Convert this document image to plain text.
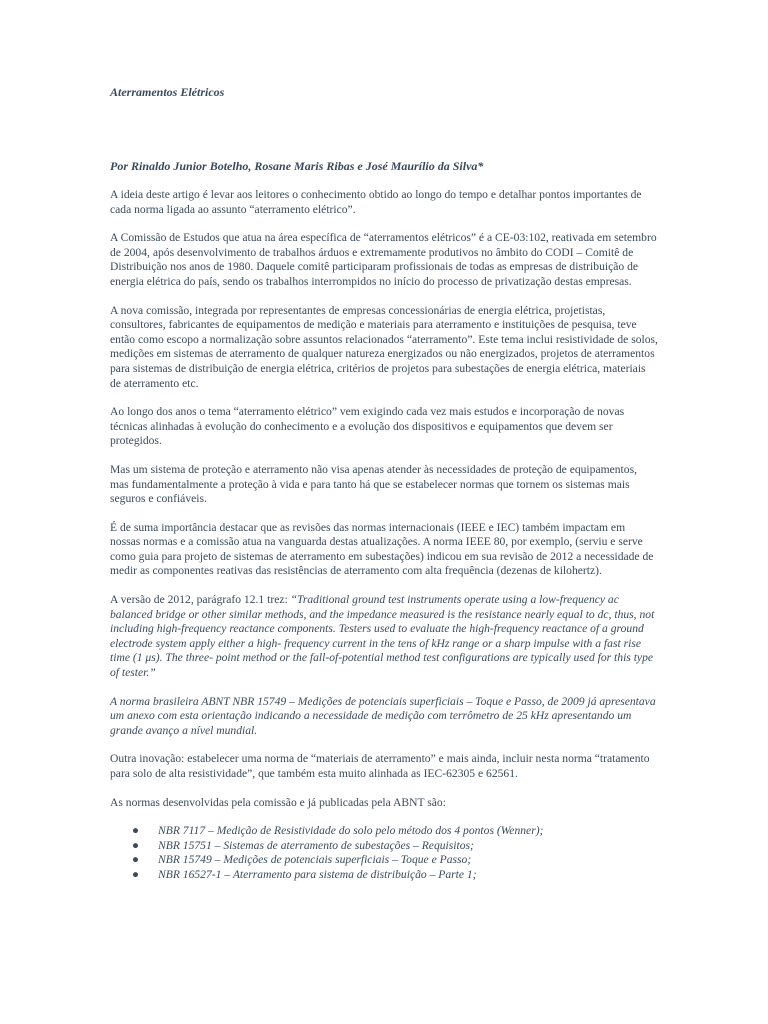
Aterramentos Elétricos
Por Rinaldo Junior Botelho, Rosane Maris Ribas e José Maurílio da Silva*

A ideia deste artigo é levar aos leitores o conhecimento obtido ao longo do tempo e detalhar pontos importantes de cada norma ligada ao assunto “aterramento elétrico”.

A Comissão de Estudos que atua na área específica de “aterramentos elétricos” é a CE-03:102, reativada em setembro de 2004, após desenvolvimento de trabalhos árduos e extremamente produtivos no âmbito do CODI – Comitê de Distribuição nos anos de 1980. Daquele comitê participaram profissionais de todas as empresas de distribuição de energia elétrica do país, sendo os trabalhos interrompidos no início do processo de privatização destas empresas.

A nova comissão, integrada por representantes de empresas concessionárias de energia elétrica, projetistas, consultores, fabricantes de equipamentos de medição e materiais para aterramento e instituições de pesquisa, teve então como escopo a normalização sobre assuntos relacionados “aterramento”. Este tema inclui resistividade de solos, medições em sistemas de aterramento de qualquer natureza energizados ou não energizados, projetos de aterramentos para sistemas de distribuição de energia elétrica, critérios de projetos para subestações de energia elétrica, materiais de aterramento etc.

Ao longo dos anos o tema “aterramento elétrico” vem exigindo cada vez mais estudos e incorporação de novas técnicas alinhadas à evolução do conhecimento e a evolução dos dispositivos e equipamentos que devem ser protegidos.

Mas um sistema de proteção e aterramento não visa apenas atender às necessidades de proteção de equipamentos, mas fundamentalmente a proteção à vida e para tanto há que se estabelecer normas que tornem os sistemas mais seguros e confiáveis.

É de suma importância destacar que as revisões das normas internacionais (IEEE e IEC) também impactam em nossas normas e a comissão atua na vanguarda destas atualizações. A norma IEEE 80, por exemplo, (serviu e serve como guia para projeto de sistemas de aterramento em subestações) indicou em sua revisão de 2012 a necessidade de medir as componentes reativas das resistências de aterramento com alta frequência (dezenas de kilohertz).

A versão de 2012, parágrafo 12.1 trez: “Traditional ground test instruments operate using a low-frequency ac balanced bridge or other similar methods, and the impedance measured is the resistance nearly equal to dc, thus, not including high-frequency reactance components. Testers used to evaluate the high-frequency reactance of a ground electrode system apply either a high- frequency current in the tens of kHz range or a sharp impulse with a fast rise time (1 μs). The three- point method or the fall-of-potential method test configurations are typically used for this type of tester.”

A norma brasileira ABNT NBR 15749 – Medições de potenciais superficiais – Toque e Passo, de 2009 já apresentava um anexo com esta orientação indicando a necessidade de medição com terrômetro de 25 kHz apresentando um grande avanço a nível mundial.

Outra inovação: estabelecer uma norma de “materiais de aterramento” e mais ainda, incluir nesta norma “tratamento para solo de alta resistividade”, que também esta muito alinhada as IEC-62305 e 62561.

As normas desenvolvidas pela comissão e já publicadas pela ABNT são:

● NBR 7117 – Medição de Resistividade do solo pelo método dos 4 pontos (Wenner);
● NBR 15751 – Sistemas de aterramento de subestações – Requisitos;
● NBR 15749 – Medições de potenciais superficiais – Toque e Passo;
● NBR 16527-1 – Aterramento para sistema de distribuição – Parte 1;
